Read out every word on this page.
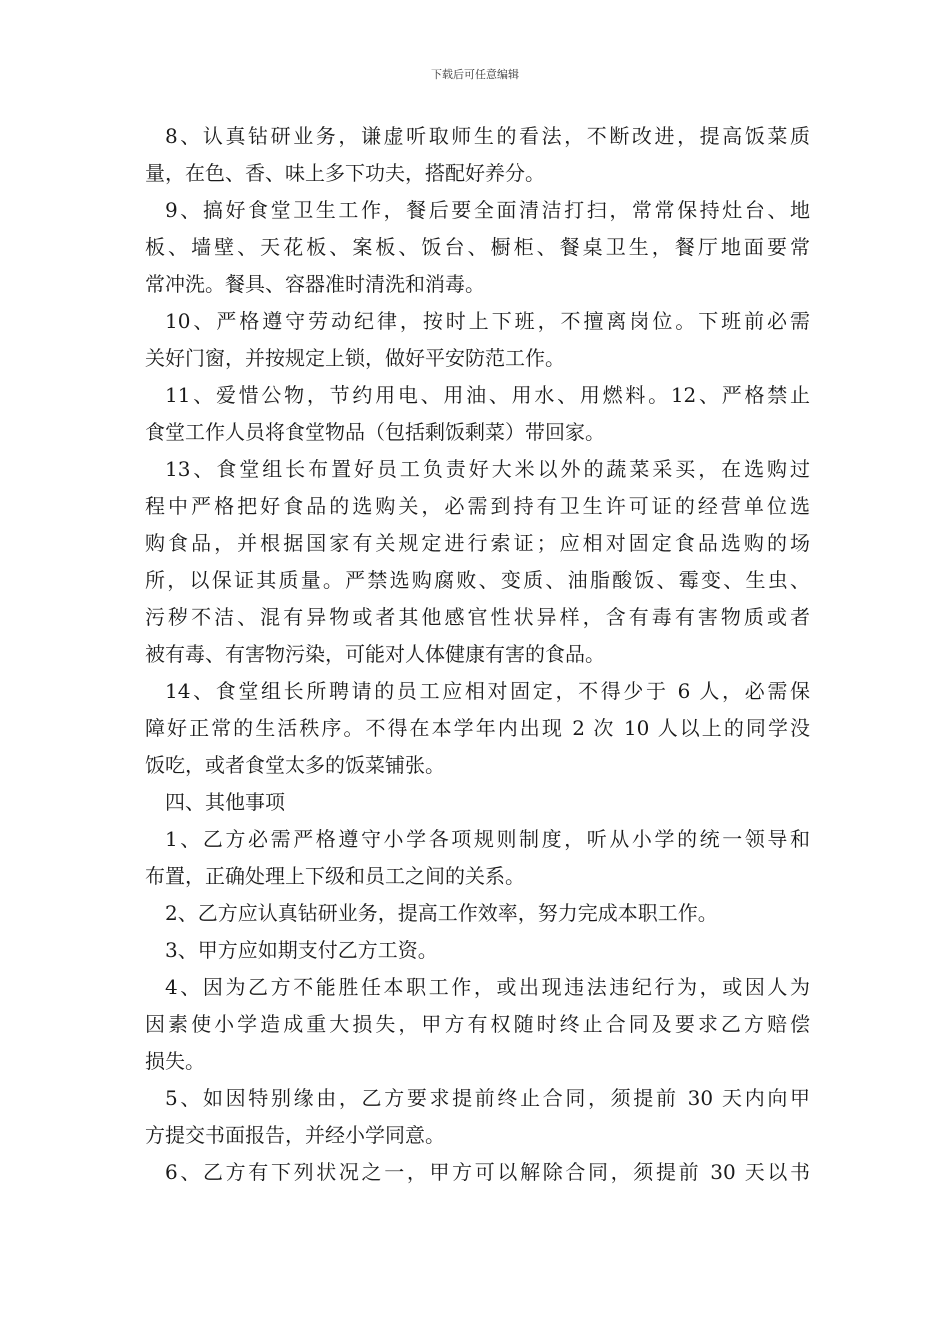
下载后可任意编辑
8、认真钻研业务，谦虚听取师生的看法，不断改进，提高饭菜质
量，在色、香、味上多下功夫，搭配好养分。
9、搞好食堂卫生工作，餐后要全面清洁打扫，常常保持灶台、地
板、墙壁、天花板、案板、饭台、橱柜、餐桌卫生，餐厅地面要常
常冲洗。餐具、容器准时清洗和消毒。
10、严格遵守劳动纪律，按时上下班，不擅离岗位。下班前必需
关好门窗，并按规定上锁，做好平安防范工作。
11、爱惜公物，节约用电、用油、用水、用燃料。12、严格禁止
食堂工作人员将食堂物品（包括剩饭剩菜）带回家。
13、食堂组长布置好员工负责好大米以外的蔬菜采买，在选购过
程中严格把好食品的选购关，必需到持有卫生许可证的经营单位选
购食品，并根据国家有关规定进行索证；应相对固定食品选购的场
所，以保证其质量。严禁选购腐败、变质、油脂酸饭、霉变、生虫、
污秽不洁、混有异物或者其他感官性状异样，含有毒有害物质或者
被有毒、有害物污染，可能对人体健康有害的食品。
14、食堂组长所聘请的员工应相对固定，不得少于 6 人，必需保
障好正常的生活秩序。不得在本学年内出现 2 次 10 人以上的同学没
饭吃，或者食堂太多的饭菜铺张。
四、其他事项
1、乙方必需严格遵守小学各项规则制度，听从小学的统一领导和
布置，正确处理上下级和员工之间的关系。
2、乙方应认真钻研业务，提高工作效率，努力完成本职工作。
3、甲方应如期支付乙方工资。
4、因为乙方不能胜任本职工作，或出现违法违纪行为，或因人为
因素使小学造成重大损失，甲方有权随时终止合同及要求乙方赔偿
损失。
5、如因特别缘由，乙方要求提前终止合同，须提前 30 天内向甲
方提交书面报告，并经小学同意。
6、乙方有下列状况之一，甲方可以解除合同，须提前 30 天以书
